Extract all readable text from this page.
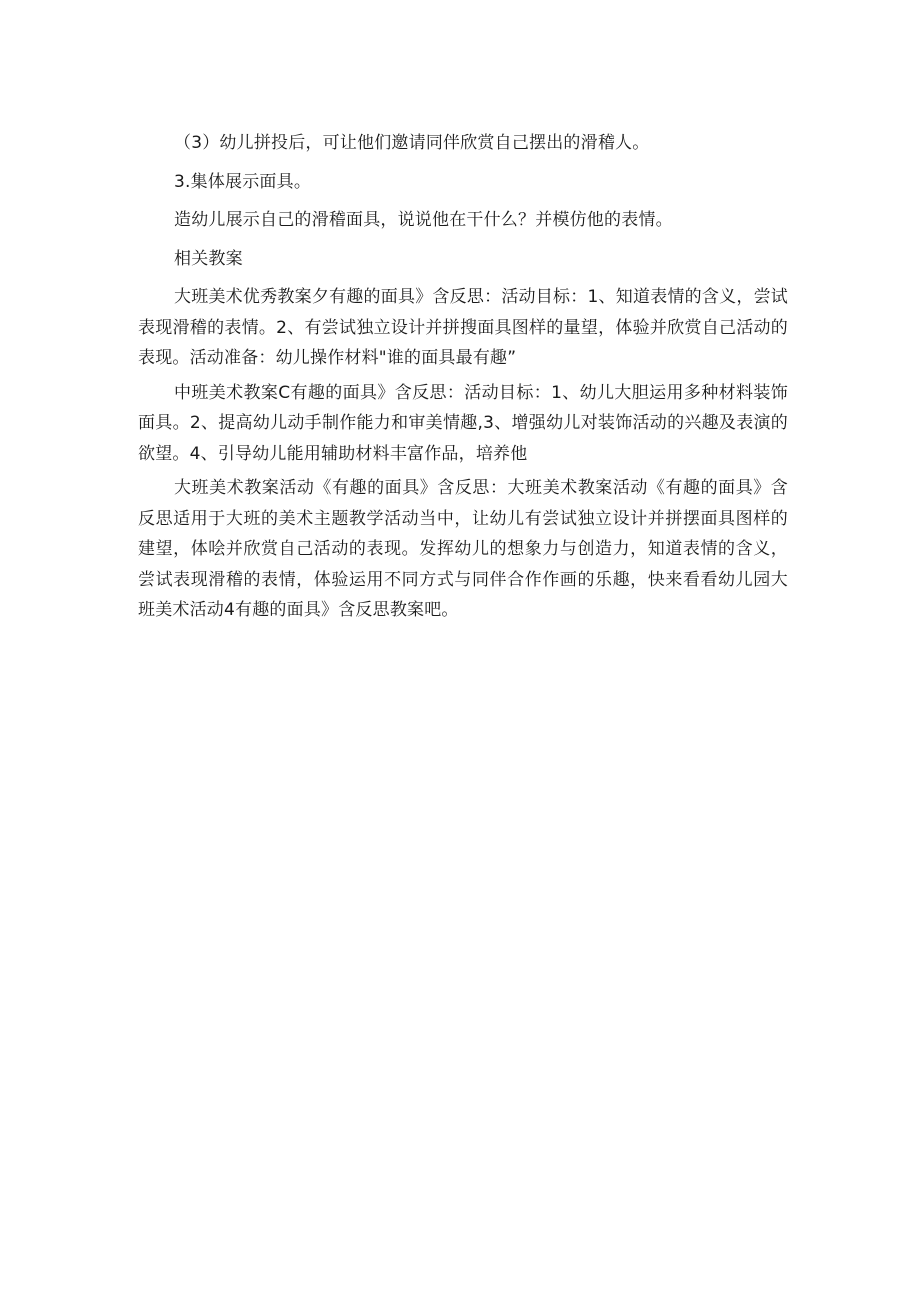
（3）幼儿拼投后，可让他们邀请同伴欣赏自己摆出的滑稽人。

3.集体展示面具。

造幼儿展示自己的滑稽面具，说说他在干什么？并模仿他的表情。

相关教案

大班美术优秀教案夕有趣的面具》含反思：活动目标：1、知道表情的含义，尝试表现滑稽的表情。2、有尝试独立设计并拼搜面具图样的量望，体验并欣赏自己活动的表现。活动准备：幼儿操作材料"谁的面具最有趣”

中班美术教案C有趣的面具》含反思：活动目标：1、幼儿大胆运用多种材料装饰面具。2、提高幼儿动手制作能力和审美情趣,3、增强幼儿对装饰活动的兴趣及表演的欲望。4、引导幼儿能用辅助材料丰富作品，培养他

大班美术教案活动《有趣的面具》含反思：大班美术教案活动《有趣的面具》含反思适用于大班的美术主题教学活动当中，让幼儿有尝试独立设计并拼摆面具图样的建望，体哙并欣赏自己活动的表现。发挥幼儿的想象力与创造力，知道表情的含义，尝试表现滑稽的表情，体验运用不同方式与同伴合作作画的乐趣，快来看看幼儿园大班美术活动4有趣的面具》含反思教案吧。
